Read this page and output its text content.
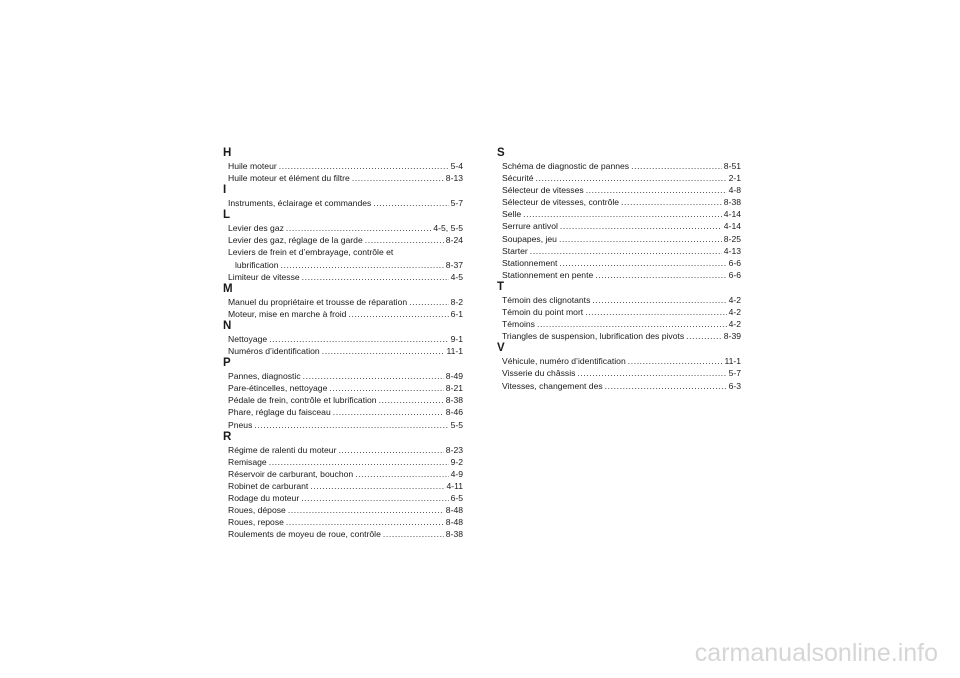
H
Huile moteur .....	5-4
Huile moteur et élément du filtre .....	8-13
I
Instruments, éclairage et commandes .....	5-7
L
Levier des gaz .....	4-5, 5-5
Levier des gaz, réglage de la garde .....	8-24
Leviers de frein et d’embrayage, contrôle et
lubrification .....	8-37
Limiteur de vitesse .....	4-5
M
Manuel du propriétaire et trousse de réparation .....	8-2
Moteur, mise en marche à froid .....	6-1
N
Nettoyage .....	9-1
Numéros d’identification .....	11-1
P
Pannes, diagnostic .....	8-49
Pare-étincelles, nettoyage .....	8-21
Pédale de frein, contrôle et lubrification .....	8-38
Phare, réglage du faisceau .....	8-46
Pneus .....	5-5
R
Régime de ralenti du moteur .....	8-23
Remisage .....	9-2
Réservoir de carburant, bouchon .....	4-9
Robinet de carburant .....	4-11
Rodage du moteur .....	6-5
Roues, dépose .....	8-48
Roues, repose .....	8-48
Roulements de moyeu de roue, contrôle .....	8-38
S
Schéma de diagnostic de pannes .....	8-51
Sécurité .....	2-1
Sélecteur de vitesses .....	4-8
Sélecteur de vitesses, contrôle .....	8-38
Selle .....	4-14
Serrure antivol .....	4-14
Soupapes, jeu .....	8-25
Starter .....	4-13
Stationnement .....	6-6
Stationnement en pente .....	6-6
T
Témoin des clignotants .....	4-2
Témoin du point mort .....	4-2
Témoins .....	4-2
Triangles de suspension, lubrification des pivots .....	8-39
V
Véhicule, numéro d’identification .....	11-1
Visserie du châssis .....	5-7
Vitesses, changement des .....	6-3
carmanualsonline.info
